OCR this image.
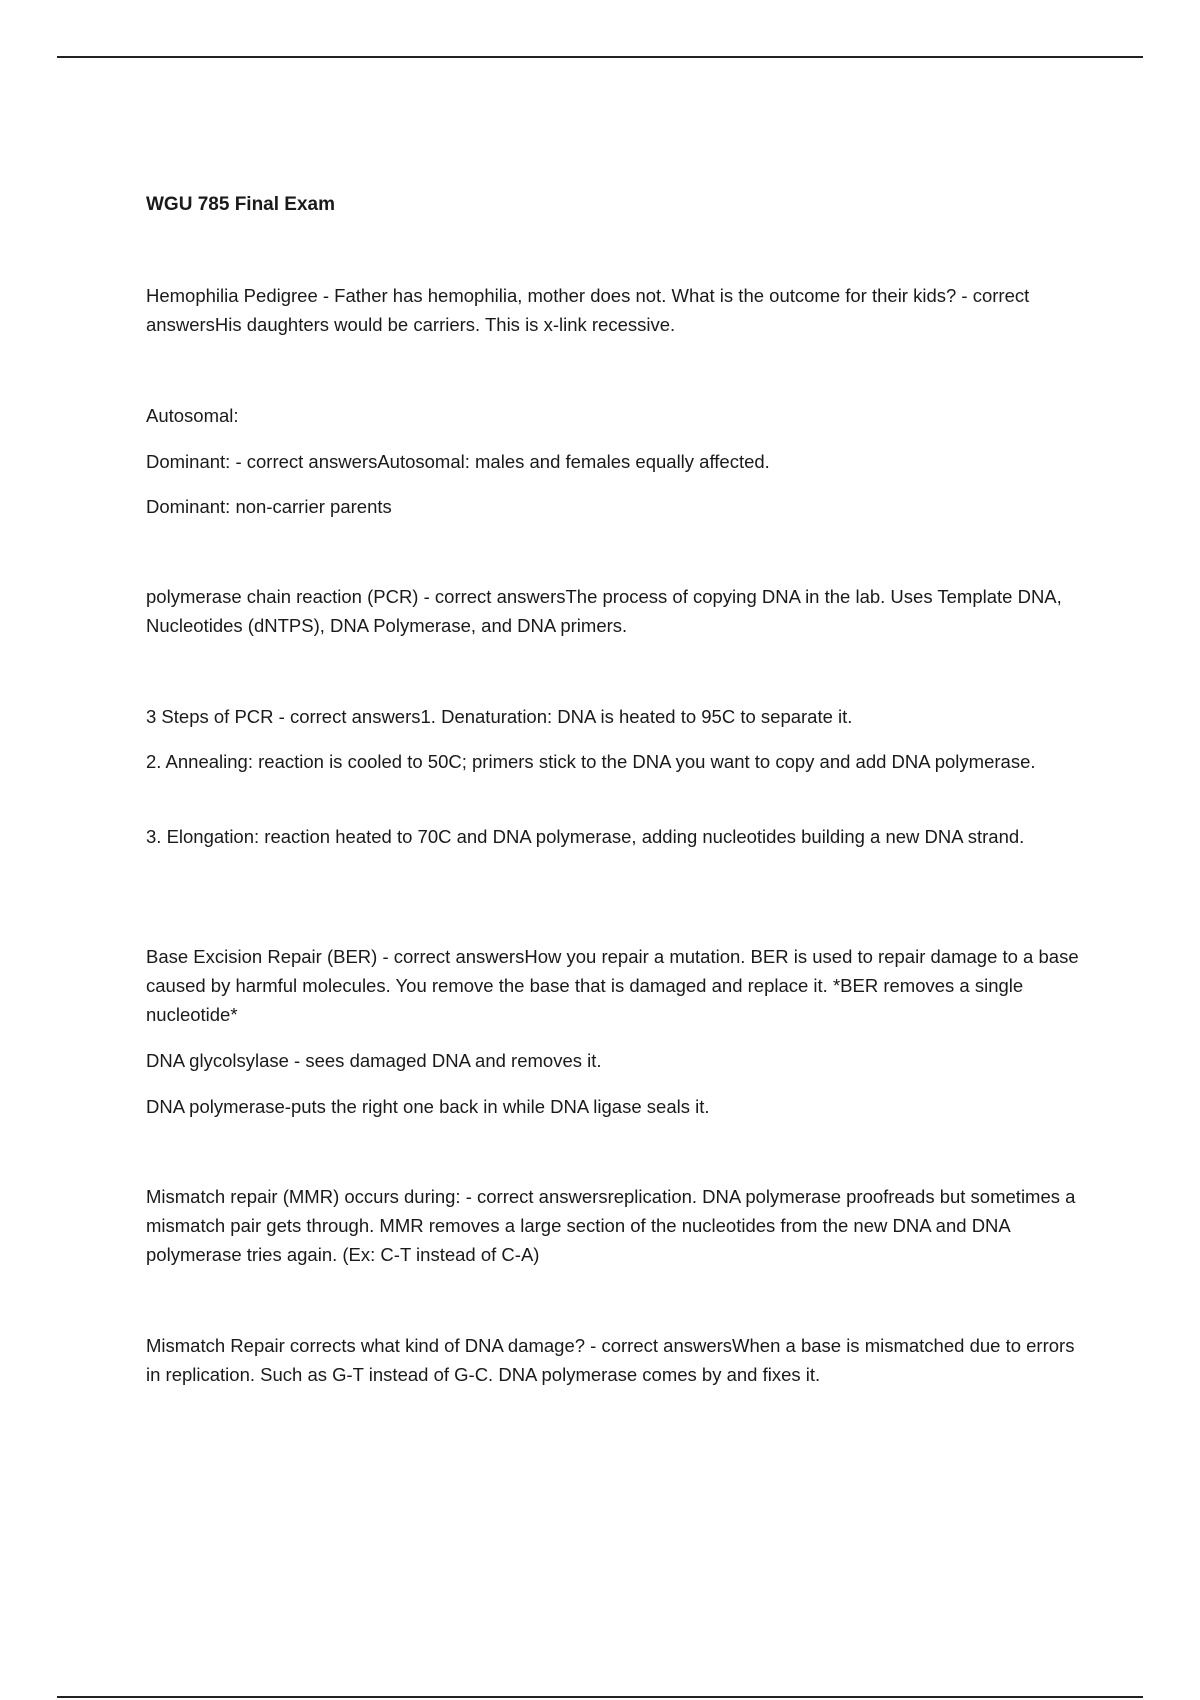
WGU 785 Final Exam

Hemophilia Pedigree - Father has hemophilia, mother does not. What is the outcome for their kids? - correct answersHis daughters would be carriers. This is x-link recessive.

Autosomal:

Dominant: - correct answersAutosomal: males and females equally affected.

Dominant: non-carrier parents

polymerase chain reaction (PCR) - correct answersThe process of copying DNA in the lab. Uses Template DNA, Nucleotides (dNTPS), DNA Polymerase, and DNA primers.

3 Steps of PCR - correct answers1. Denaturation: DNA is heated to 95C to separate it.

2. Annealing: reaction is cooled to 50C; primers stick to the DNA you want to copy and add DNA polymerase.

3. Elongation: reaction heated to 70C and DNA polymerase, adding nucleotides building a new DNA strand.

Base Excision Repair (BER) - correct answersHow you repair a mutation. BER is used to repair damage to a base caused by harmful molecules. You remove the base that is damaged and replace it. *BER removes a single nucleotide*

DNA glycolsylase - sees damaged DNA and removes it.

DNA polymerase-puts the right one back in while DNA ligase seals it.

Mismatch repair (MMR) occurs during: - correct answersreplication. DNA polymerase proofreads but sometimes a mismatch pair gets through. MMR removes a large section of the nucleotides from the new DNA and DNA polymerase tries again. (Ex: C-T instead of C-A)

Mismatch Repair corrects what kind of DNA damage? - correct answersWhen a base is mismatched due to errors in replication. Such as G-T instead of G-C. DNA polymerase comes by and fixes it.
